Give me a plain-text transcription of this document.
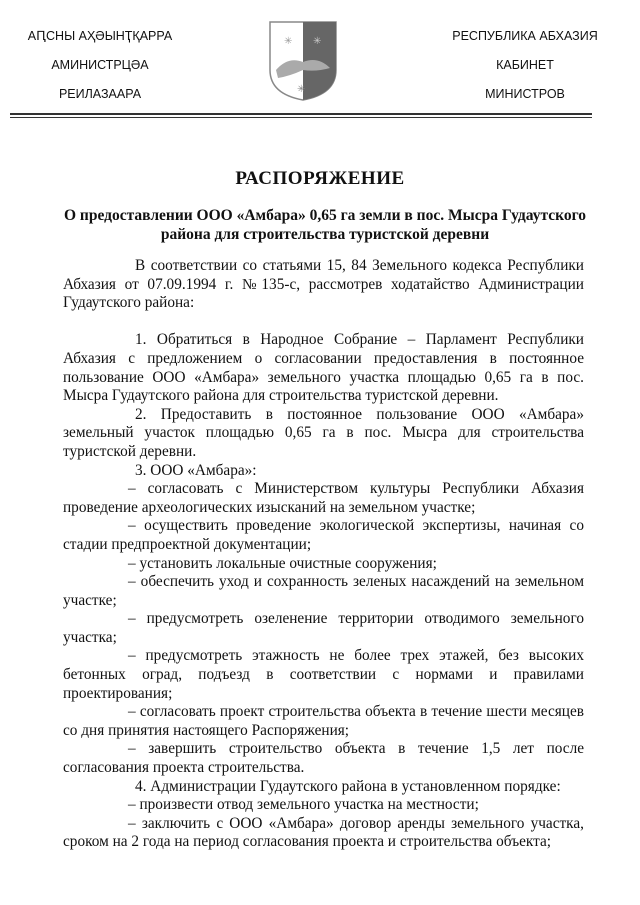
АԤСНЫ АҲӘЫНҬҚАРРА
АМИНИСТРЦӘА
РЕИЛАЗААРА
✳ ✳
✳
РЕСПУБЛИКА АБХАЗИЯ
КАБИНЕТ
МИНИСТРОВ
РАСПОРЯЖЕНИЕ
О предоставлении ООО «Амбара» 0,65 га земли в пос. Мысра Гудаутского района для строительства туристской деревни

В соответствии со статьями 15, 84 Земельного кодекса Республики Абхазия от 07.09.1994 г. №135-с, рассмотрев ходатайство Администрации Гудаутского района:

1. Обратиться в Народное Собрание – Парламент Республики Абхазия с предложением о согласовании предоставления в постоянное пользование ООО «Амбара» земельного участка площадью 0,65 га в пос. Мысра Гудаутского района для строительства туристской деревни.

2. Предоставить в постоянное пользование ООО «Амбара» земельный участок площадью 0,65 га в пос. Мысра для строительства туристской деревни.

3. ООО «Амбара»:

– согласовать с Министерством культуры Республики Абхазия проведение археологических изысканий на земельном участке;

– осуществить проведение экологической экспертизы, начиная со стадии предпроектной документации;

– установить локальные очистные сооружения;

– обеспечить уход и сохранность зеленых насаждений на земельном участке;

– предусмотреть озеленение территории отводимого земельного участка;

– предусмотреть этажность не более трех этажей, без высоких бетонных оград, подъезд в соответствии с нормами и правилами проектирования;

– согласовать проект строительства объекта в течение шести месяцев со дня принятия настоящего Распоряжения;

– завершить строительство объекта в течение 1,5 лет после согласования проекта строительства.

4. Администрации Гудаутского района в установленном порядке:

– произвести отвод земельного участка на местности;

– заключить с ООО «Амбара» договор аренды земельного участка, сроком на 2 года на период согласования проекта и строительства объекта;
